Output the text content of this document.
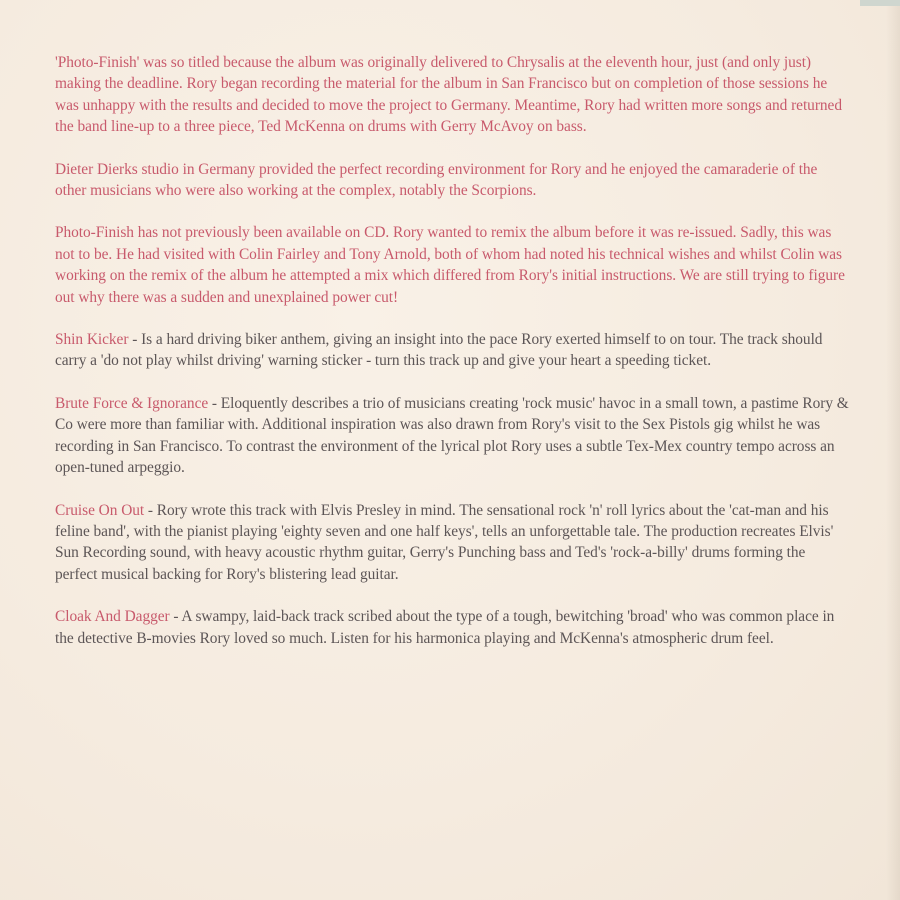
'Photo-Finish' was so titled because the album was originally delivered to Chrysalis at the eleventh hour, just (and only just) making the deadline. Rory began recording the material for the album in San Francisco but on completion of those sessions he was unhappy with the results and decided to move the project to Germany. Meantime, Rory had written more songs and returned the band line-up to a three piece, Ted McKenna on drums with Gerry McAvoy on bass.

Dieter Dierks studio in Germany provided the perfect recording environment for Rory and he enjoyed the camaraderie of the other musicians who were also working at the complex, notably the Scorpions.

Photo-Finish has not previously been available on CD. Rory wanted to remix the album before it was re-issued. Sadly, this was not to be. He had visited with Colin Fairley and Tony Arnold, both of whom had noted his technical wishes and whilst Colin was working on the remix of the album he attempted a mix which differed from Rory's initial instructions. We are still trying to figure out why there was a sudden and unexplained power cut!

Shin Kicker - Is a hard driving biker anthem, giving an insight into the pace Rory exerted himself to on tour. The track should carry a 'do not play whilst driving' warning sticker - turn this track up and give your heart a speeding ticket.

Brute Force & Ignorance - Eloquently describes a trio of musicians creating 'rock music' havoc in a small town, a pastime Rory & Co were more than familiar with. Additional inspiration was also drawn from Rory's visit to the Sex Pistols gig whilst he was recording in San Francisco. To contrast the environment of the lyrical plot Rory uses a subtle Tex-Mex country tempo across an open-tuned arpeggio.

Cruise On Out - Rory wrote this track with Elvis Presley in mind. The sensational rock 'n' roll lyrics about the 'cat-man and his feline band', with the pianist playing 'eighty seven and one half keys', tells an unforgettable tale. The production recreates Elvis' Sun Recording sound, with heavy acoustic rhythm guitar, Gerry's Punching bass and Ted's 'rock-a-billy' drums forming the perfect musical backing for Rory's blistering lead guitar.

Cloak And Dagger - A swampy, laid-back track scribed about the type of a tough, bewitching 'broad' who was common place in the detective B-movies Rory loved so much. Listen for his harmonica playing and McKenna's atmospheric drum feel.
